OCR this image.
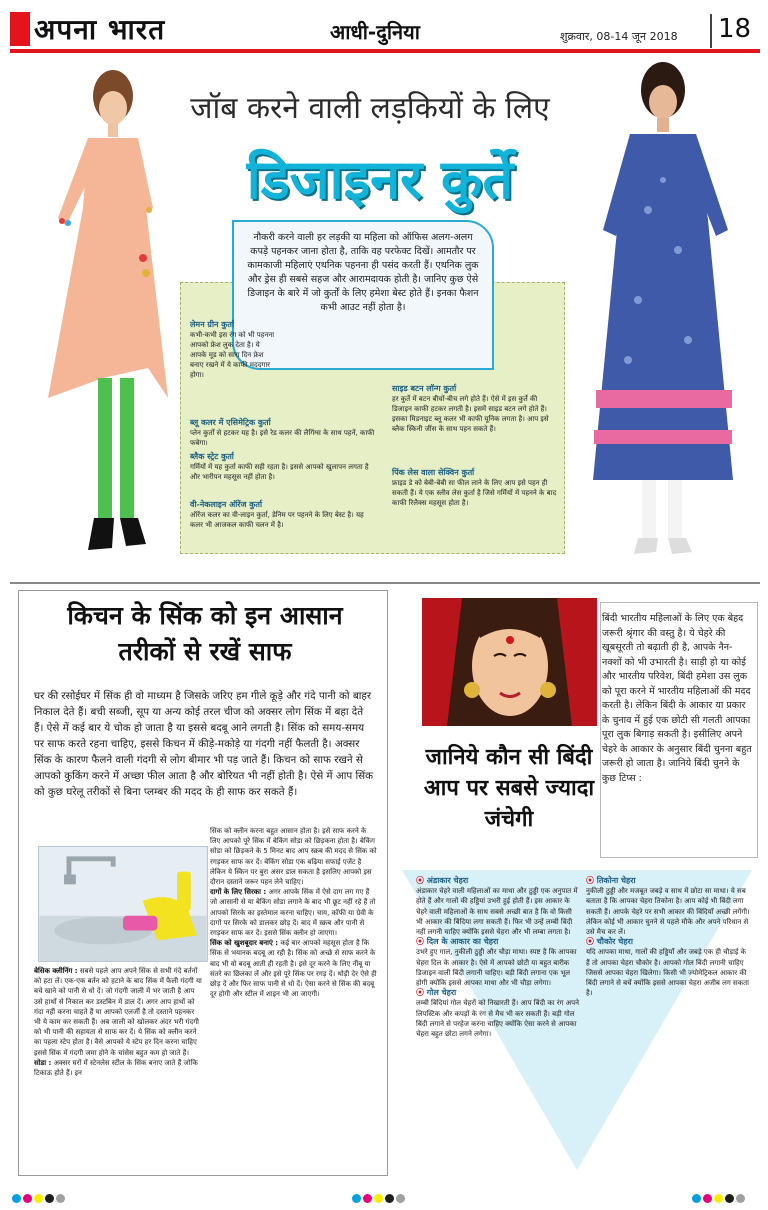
अपना भारत	आधी-दुनिया	शुक्रवार, 08-14 जून 2018 18
जॉब करने वाली लड़कियों के लिए
डिजाइनर कुर्ते
नौकरी करने वाली हर लड़की या महिला को ऑफिस अलग-अलग कपड़े पहनकर जाना होता है, ताकि वह परफेक्ट दिखें। आमतौर पर कामकाजी महिलाएं एथनिक पहनना ही पसंद करती हैं। एथनिक लुक और ड्रेस ही सबसे सहज और आरामदायक होती है। जानिए कुछ ऐसे डिजाइन के बारे में जो कुर्तों के लिए हमेशा बेस्ट होते हैं। इनका फैशन कभी आउट नहीं होता है।
लेमन ग्रीन कुर्ता
कभी-कभी इस रंग को भी पहनना आपको फ्रेश लुक देता है। ये आपके मूड को सारा दिन फ्रेश बनाए रखने में ये काफी मददगार होगा।
ब्लू कलर में एसिमेट्रिक कुर्ता
प्लेन कुर्तों से हटकर यह है। इसे रेड कलर की लैगिंग्स के साथ पहनें, काफी फबेगा।
ब्लैक स्ट्रेट कुर्ता
गर्मियों में यह कुर्ता काफी सही रहता है। इससे आपको खुलापन लगता है और भारीपन महसूस नहीं होता है।
वी-नेकलाइन ऑरेंज कुर्ता
ऑरेंज कलर का वी-लाइन कुर्ता, डेनिम पर पहनने के लिए बेस्ट है। यह कलर भी आजकल काफी चलन में है।
साइड बटन लॉन्ग कुर्ता
हर कुर्ते में बटन बीचों-बीच लगे होते हैं। ऐसे में इस कुर्ते की डिजाइन काफी हटकर लगती है। इसमें साइड बटन लगे होते हैं। इसका मिडनाइट ब्लू कलर भी काफी यूनिक लगता है। आप इसे ब्लैक स्किनी जींस के साथ पहन सकते हैं।
पिंक लेस वाला सेक्विन कुर्ता
फ्राइड डे को बेबी-बेबी सा फील लाने के लिए आप इसे पहन ही सकती हैं। ये एक स्लीव लेस कुर्ता है जिसे गर्मियों में पहनने के बाद काफी रिलैक्स महसूस होता है।
किचन के सिंक को इन आसान तरीकों से रखें साफ
घर की रसोईघर में सिंक ही वो माध्यम है जिसके जरिए हम गीले कूड़े और गंदे पानी को बाहर निकाल देते हैं। बची सब्जी, सूप या अन्य कोई तरल चीज को अक्सर लोग सिंक में बहा देते हैं। ऐसे में कई बार ये चोक हो जाता है या इससे बदबू आने लगती है। सिंक को समय-समय पर साफ करते रहना चाहिए, इससे किचन में कीड़े-मकोड़े या गंदगी नहीं फैलती है। अक्सर सिंक के कारण फैलने वाली गंदगी से लोग बीमार भी पड़ जाते हैं। किचन को साफ रखने से आपको कुकिंग करने में अच्छा फील आता है और बोरियत भी नहीं होती है। ऐसे में आप सिंक को कुछ घरेलू तरीकों से बिना प्लम्बर की मदद के ही साफ कर सकते हैं।

बेसिक क्लीनिंग : सबसे पहले आप अपने सिंक से सभी गंदे बर्तनों को हटा लें। एक-एक बर्तन को हटाने के बाद सिंक में फैली गंदगी या बचे खाने को पानी से धो दें। जो गंदगी जाली में भर जाती है आप उसे हाथों से निकाल कर डस्टबिन में डाल दें। अगर आप हाथों को गंदा नहीं करना चाहते हैं या आपको एलर्जी है तो दस्ताने पहनकर भी ये काम कर सकती हैं। अब जाली को खोलकर अंदर भरी गंदगी को भी पानी की सहायता से साफ कर दें। ये सिंक को क्लीन करने का पहला स्टेप होता है। वैसे आपको ये स्टेप हर दिन करना चाहिए इससे सिंक में गंदगी जमा होने के चांसेस बहुत कम हो जाते हैं।

सोडा : अक्सर घरों में स्टेनलेस स्टील के सिंक बनाए जाते हैं जोकि टिकाऊ होते हैं। इन

सिंक को क्लीन करना बहुत आसान होता है। इसे साफ करने के लिए आपको पूरे सिंक में बेकिंग सोडा को छिड़कना होता है। बेकिंग सोडा को छिड़कने के 5 मिनट बाद आप स्क्रब की मदद से सिंक को रगड़कर साफ कर दें। बेकिंग सोडा एक बढ़िया सफाई एजेंट है लेकिन ये स्किन पर बुरा असर डाल सकता है इसलिए आपको इस दौरान दस्ताने जरूर पहन लेने चाहिए।

दागों के लिए सिरका : अगर आपके सिंक में ऐसे दाग लग गए हैं जो आसानी से या बेकिंग सोडा लगाने के बाद भी छूट नहीं रहे हैं तो आपको सिरके का इस्तेमाल करना चाहिए। चाय, कॉफी या ग्रेवी के दागों पर सिरके को डालकर छोड़ दें। बाद में स्क्रब और पानी से रगड़कर साफ कर दें। इससे सिंक क्लीन हो जाएगा।

सिंक को खुशबूदार बनाएं : कई बार आपको महसूस होता है कि सिंक से भयानक बदबू आ रही है। सिंक को अच्छे से साफ करने के बाद भी वो बदबू आती ही रहती है। इसे दूर करने के लिए नींबू या संतरे का छिलका लें और इसे पूरे सिंक पर रगड़ दें। थोड़ी देर ऐसे ही छोड़ दें और फिर साफ पानी से धो दें। ऐसा करने से सिंक की बदबू दूर होगी और स्टील में शाइन भी आ जाएगी।

जानिये कौन सी बिंदी आप पर सबसे ज्यादा जंचेगी
बिंदी भारतीय महिलाओं के लिए एक बेहद जरूरी श्रृंगार की वस्तु है। ये चेहरे की खूबसूरती तो बढ़ाती ही है, आपके नैन-नक्शों को भी उभारती है। साड़ी हो या कोई और भारतीय परिवेश, बिंदी हमेशा उस लुक को पूरा करने में भारतीय महिलाओं की मदद करती है। लेकिन बिंदी के आकार या प्रकार के चुनाव में हुई एक छोटी सी गलती आपका पूरा लुक बिगाड़ सकती है। इसीलिए अपने चेहरे के आकार के अनुसार बिंदी चुनना बहुत जरूरी हो जाता है। जानिये बिंदी चुनने के कुछ टिप्स :

⦿ अंडाकार चेहरा
अंडाकार चेहरे वाली महिलाओं का माथा और ठुड्डी एक अनुपात में होते हैं और गालों की हड्डियां उभरी हुई होती हैं। इस आकार के चेहरे वाली महिलाओं के साथ सबसे अच्छी बात है कि वो किसी भी आकार की बिंदिया लगा सकती हैं। फिर भी उन्हें लम्बी बिंदी नहीं लगनी चाहिए क्योंकि इससे चेहरा और भी लम्बा लगता है।

⦿ दिल के आकार का चेहरा
उभरे हुए गाल, नुकीली ठुड्डी और चौड़ा माथा। स्पष्ट है कि आपका चेहरा दिल के आकार है। ऐसे में आपको छोटी या बहुत बारीक डिजाइन वाली बिंदी लगानी चाहिए। बड़ी बिंदी लगाना एक भूल होगी क्योंकि इससे आपका माथा और भी चौड़ा लगेगा।

⦿ गोल चेहरा
लम्बी बिंदियां गोल चेहरों को निखारती हैं। आप बिंदी का रंग अपने लिपस्टिक और कपड़ों के रंग से मैच भी कर सकती हैं। बड़ी गोल बिंदी लगाने से परहेज करना चाहिए क्योंकि ऐसा करने से आपका चेहरा बहुत छोटा लगने लगेगा।

⦿ तिकोना चेहरा
नुकीली ठुड्डी और मजबूत जबड़े व साथ में छोटा सा माथा। ये सब बताता है कि आपका चेहरा तिकोना है। आप कोई भी बिंदी लगा सकती हैं। आपके चेहरे पर सभी आकार की बिंदियाँ अच्छी लगेंगी। लेकिन कोई भी आकार चुनने से पहले मौके और अपने परिधान से उसे मैच कर लें।

⦿ चौकोर चेहरा
यदि आपका माथा, गालों की हड्डियाँ और जबड़े एक ही चौड़ाई के हैं तो आपका चेहरा चौकोर है। आपको गोल बिंदी लगानी चाहिए जिससे आपका चेहरा खिलेगा। किसी भी ज्योमेट्रिकल आकार की बिंदी लगाने से बचें क्योंकि इससे आपका चेहरा अजीब लग सकता है।
